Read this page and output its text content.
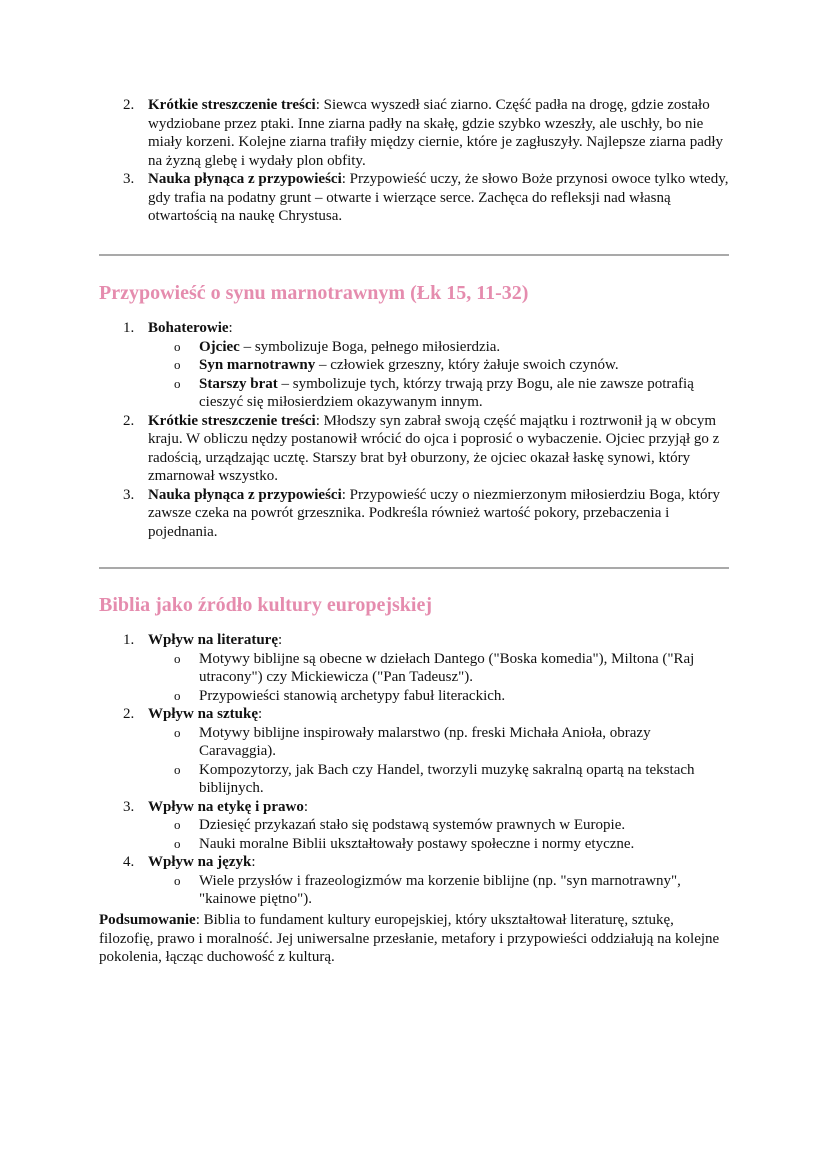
2. Krótkie streszczenie treści: Siewca wyszedł siać ziarno. Część padła na drogę, gdzie zostało wydziobane przez ptaki. Inne ziarna padły na skałę, gdzie szybko wzeszły, ale uschły, bo nie miały korzeni. Kolejne ziarna trafiły między ciernie, które je zagłuszyły. Najlepsze ziarna padły na żyzną glebę i wydały plon obfity.
3. Nauka płynąca z przypowieści: Przypowieść uczy, że słowo Boże przynosi owoce tylko wtedy, gdy trafia na podatny grunt – otwarte i wierzące serce. Zachęca do refleksji nad własną otwartością na naukę Chrystusa.
Przypowieść o synu marnotrawnym (Łk 15, 11-32)
1. Bohaterowie:
o Ojciec – symbolizuje Boga, pełnego miłosierdzia.
o Syn marnotrawny – człowiek grzeszny, który żałuje swoich czynów.
o Starszy brat – symbolizuje tych, którzy trwają przy Bogu, ale nie zawsze potrafią cieszyć się miłosierdziem okazywanym innym.
2. Krótkie streszczenie treści: Młodszy syn zabrał swoją część majątku i roztrwonił ją w obcym kraju. W obliczu nędzy postanowił wrócić do ojca i poprosić o wybaczenie. Ojciec przyjął go z radością, urządzając ucztę. Starszy brat był oburzony, że ojciec okazał łaskę synowi, który zmarnował wszystko.
3. Nauka płynąca z przypowieści: Przypowieść uczy o niezmierzonym miłosierdziu Boga, który zawsze czeka na powrót grzesznika. Podkreśla również wartość pokory, przebaczenia i pojednania.
Biblia jako źródło kultury europejskiej
1. Wpływ na literaturę:
o Motywy biblijne są obecne w dziełach Dantego ("Boska komedia"), Miltona ("Raj utracony") czy Mickiewicza ("Pan Tadeusz").
o Przypowieści stanowią archetypy fabuł literackich.
2. Wpływ na sztukę:
o Motywy biblijne inspirowały malarstwo (np. freski Michała Anioła, obrazy Caravaggia).
o Kompozytorzy, jak Bach czy Handel, tworzyli muzykę sakralną opartą na tekstach biblijnych.
3. Wpływ na etykę i prawo:
o Dziesięć przykazań stało się podstawą systemów prawnych w Europie.
o Nauki moralne Biblii ukształtowały postawy społeczne i normy etyczne.
4. Wpływ na język:
o Wiele przysłów i frazeologizmów ma korzenie biblijne (np. "syn marnotrawny", "kainowe piętno").

Podsumowanie: Biblia to fundament kultury europejskiej, który ukształtował literaturę, sztukę, filozofię, prawo i moralność. Jej uniwersalne przesłanie, metafory i przypowieści oddziałują na kolejne pokolenia, łącząc duchowość z kulturą.
